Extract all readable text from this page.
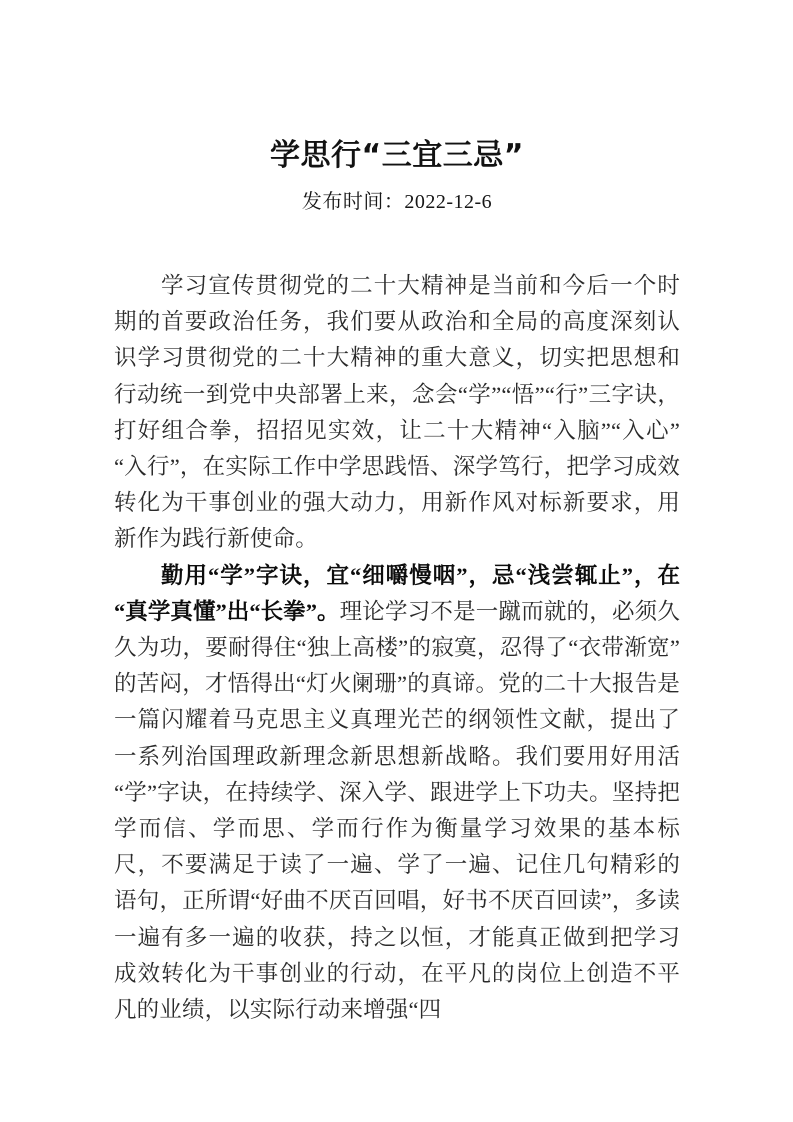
学思行“三宜三忌”
发布时间：2022-12-6

学习宣传贯彻党的二十大精神是当前和今后一个时期的首要政治任务，我们要从政治和全局的高度深刻认识学习贯彻党的二十大精神的重大意义，切实把思想和行动统一到党中央部署上来，念会“学”“悟”“行”三字诀，打好组合拳，招招见实效，让二十大精神“入脑”“入心”“入行”，在实际工作中学思践悟、深学笃行，把学习成效转化为干事创业的强大动力，用新作风对标新要求，用新作为践行新使命。

勤用“学”字诀，宜“细嚼慢咽”，忌“浅尝辄止”，在“真学真懂”出“长拳”。理论学习不是一蹴而就的，必须久久为功，要耐得住“独上高楼”的寂寞，忍得了“衣带渐宽”的苦闷，才悟得出“灯火阑珊”的真谛。党的二十大报告是一篇闪耀着马克思主义真理光芒的纲领性文献，提出了一系列治国理政新理念新思想新战略。我们要用好用活“学”字诀，在持续学、深入学、跟进学上下功夫。坚持把学而信、学而思、学而行作为衡量学习效果的基本标尺，不要满足于读了一遍、学了一遍、记住几句精彩的语句，正所谓“好曲不厌百回唱，好书不厌百回读”，多读一遍有多一遍的收获，持之以恒，才能真正做到把学习成效转化为干事创业的行动，在平凡的岗位上创造不平凡的业绩，以实际行动来增强“四
